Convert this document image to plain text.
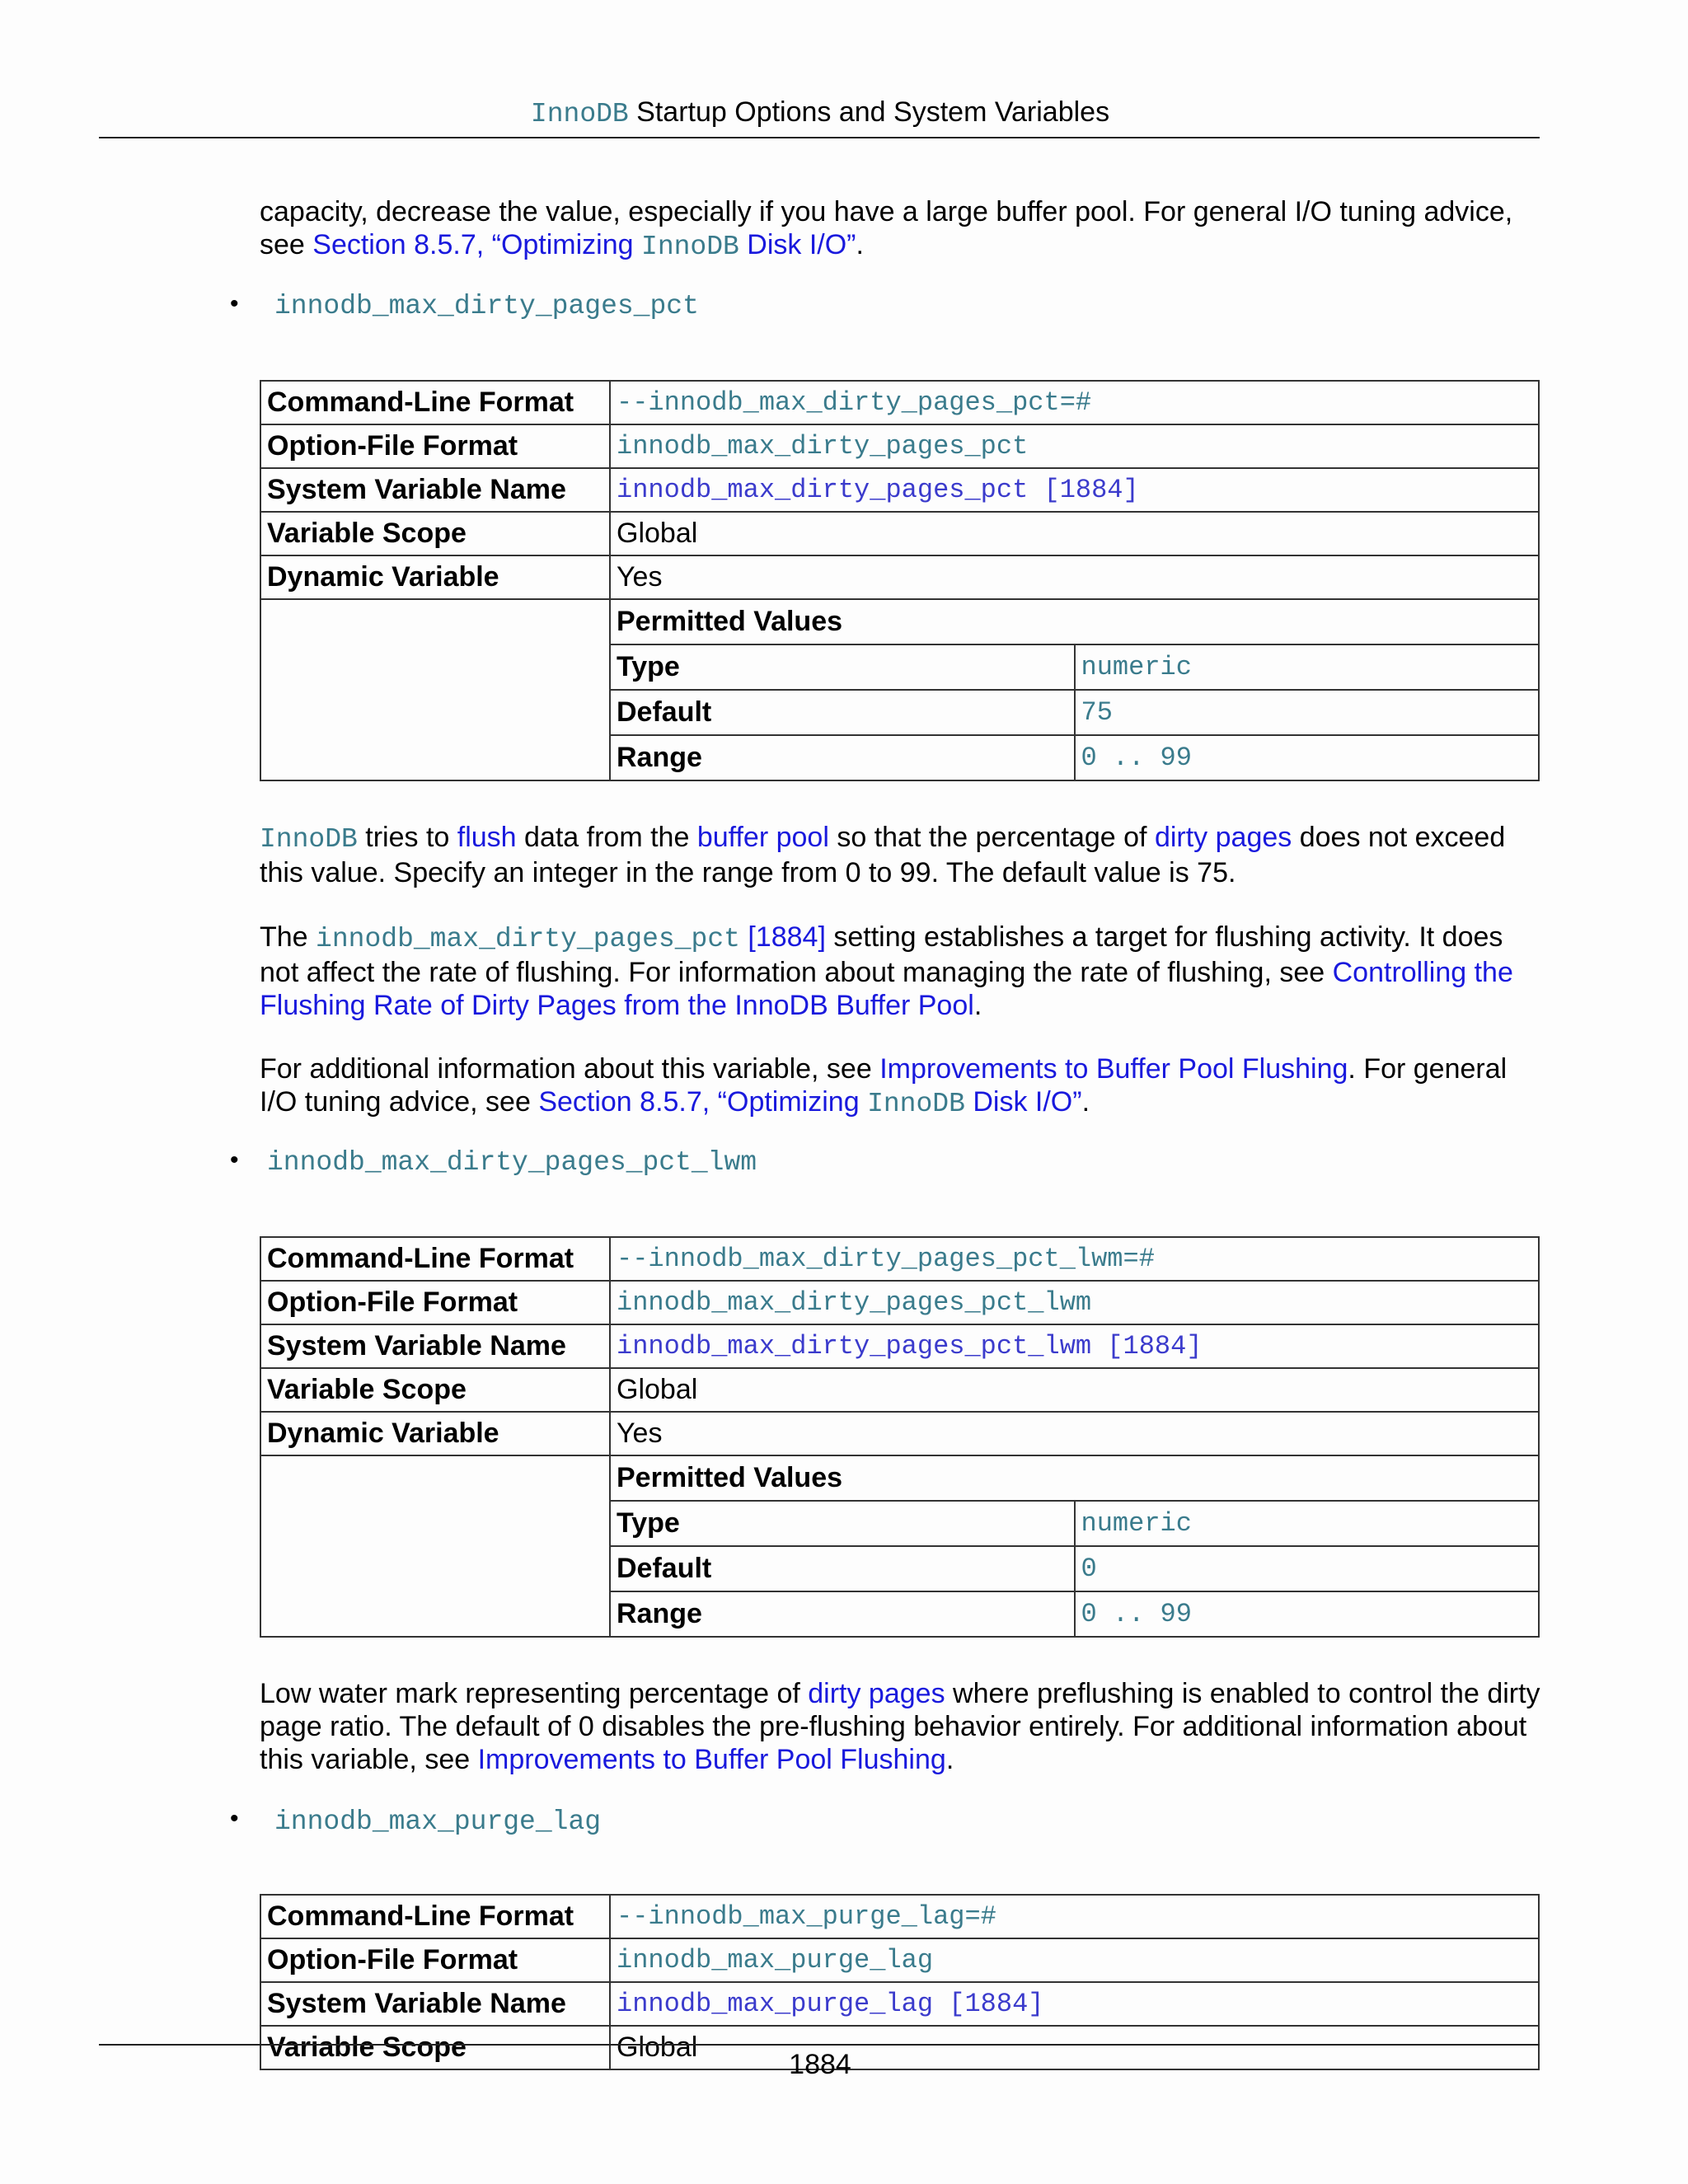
InnoDB Startup Options and System Variables

capacity, decrease the value, especially if you have a large buffer pool. For general I/O tuning advice,
see Section 8.5.7, “Optimizing InnoDB Disk I/O”.

• innodb_max_dirty_pages_pct
Command-Line Format	--innodb_max_dirty_pages_pct=#
Option-File Format	innodb_max_dirty_pages_pct
System Variable Name	innodb_max_dirty_pages_pct [1884]
Variable Scope	Global
Dynamic Variable	Yes

Permitted Values
Type	numeric
Default	75
Range	0 .. 99

InnoDB tries to flush data from the buffer pool so that the percentage of dirty pages does not exceed this value. Specify an integer in the range from 0 to 99. The default value is 75.

The innodb_max_dirty_pages_pct [1884] setting establishes a target for flushing activity. It does not affect the rate of flushing. For information about managing the rate of flushing, see Controlling the Flushing Rate of Dirty Pages from the InnoDB Buffer Pool.

For additional information about this variable, see Improvements to Buffer Pool Flushing. For general I/O tuning advice, see Section 8.5.7, “Optimizing InnoDB Disk I/O”.

• innodb_max_dirty_pages_pct_lwm
Command-Line Format	--innodb_max_dirty_pages_pct_lwm=#
Option-File Format	innodb_max_dirty_pages_pct_lwm
System Variable Name	innodb_max_dirty_pages_pct_lwm [1884]
Variable Scope	Global
Dynamic Variable	Yes

Permitted Values
Type	numeric
Default	0
Range	0 .. 99

Low water mark representing percentage of dirty pages where preflushing is enabled to control the dirty page ratio. The default of 0 disables the pre-flushing behavior entirely. For additional information about this variable, see Improvements to Buffer Pool Flushing.

• innodb_max_purge_lag
Command-Line Format	--innodb_max_purge_lag=#
Option-File Format	innodb_max_purge_lag
System Variable Name	innodb_max_purge_lag [1884]
Variable Scope	Global
1884
